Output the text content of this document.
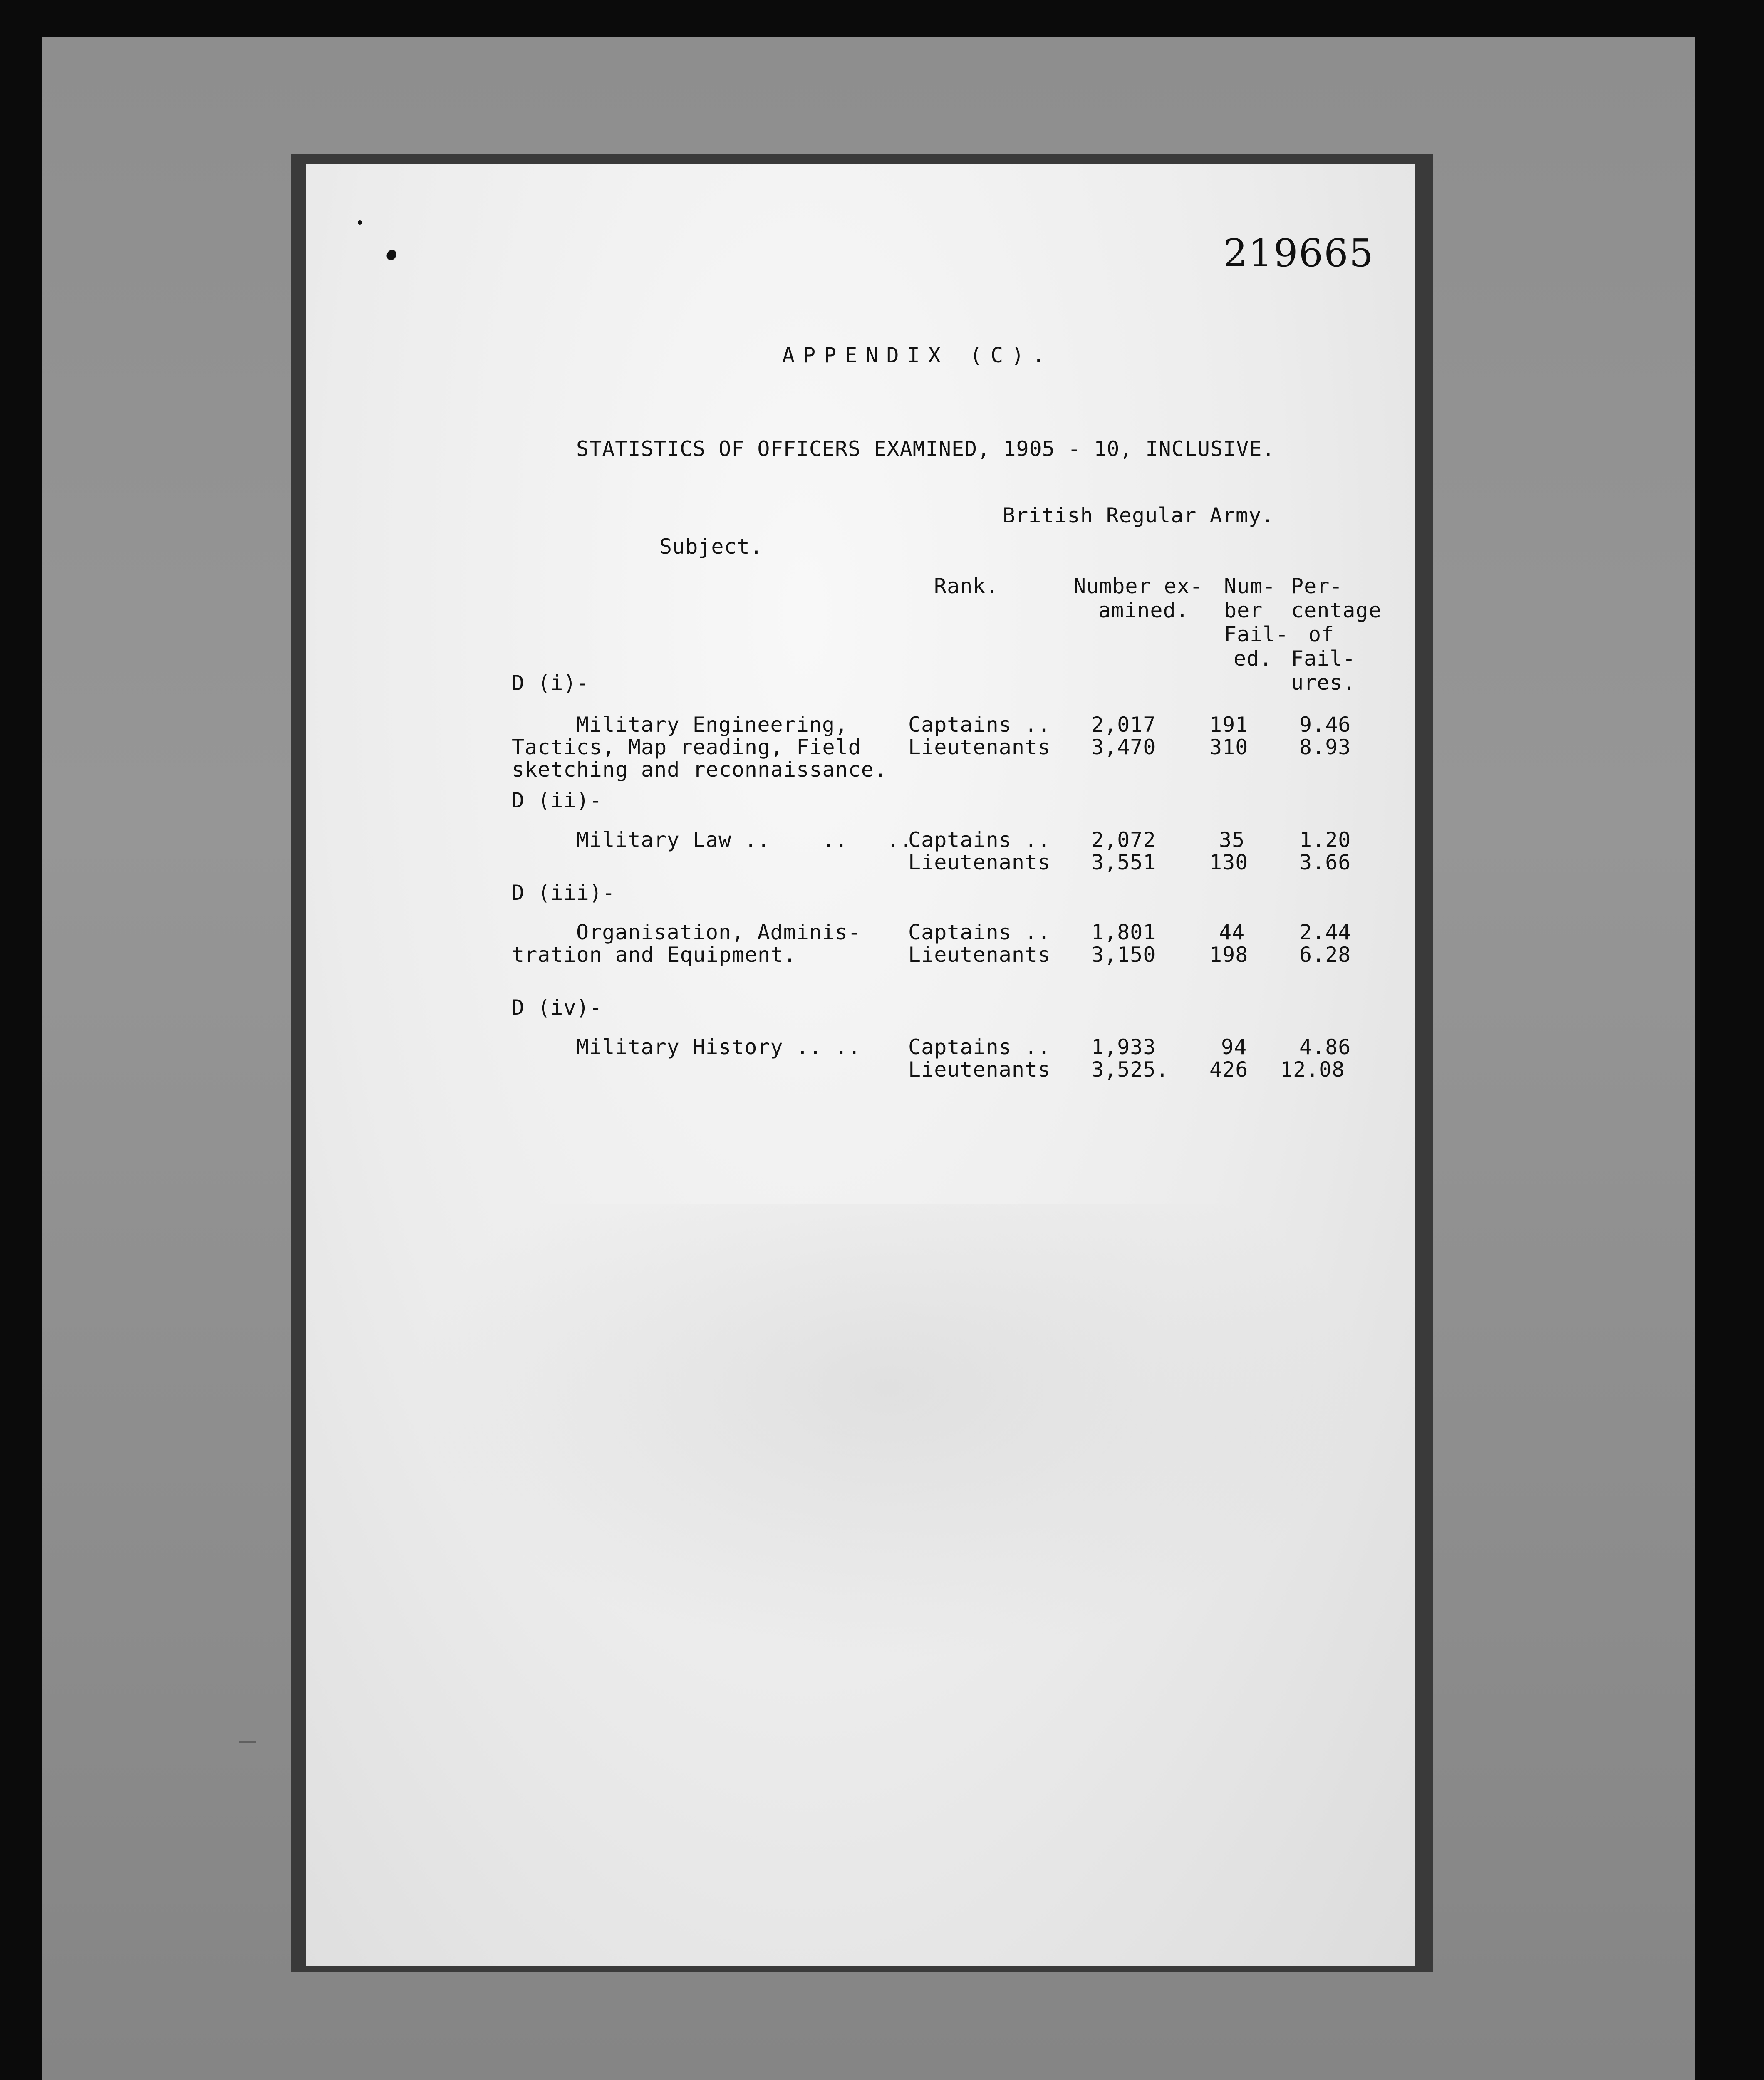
219665
APPENDIX (C).
STATISTICS OF OFFICERS EXAMINED, 1905 - 10, INCLUSIVE.
British Regular Army.
Subject.
Rank.	Number ex-
amined.
Num-
ber
Fail-
ed.
Per-
centage
of
Fail-
ures.
D (i)-
Military Engineering,
Tactics, Map reading, Field
sketching and reconnaissance.
Captains ..
Lieutenants
2,017
3,470
191
310
9.46
8.93
D (ii)-
Military Law ..    ..   ..
Captains ..
Lieutenants
2,072
3,551
35
130
1.20
3.66
D (iii)-
Organisation, Adminis-
tration and Equipment.
Captains ..
Lieutenants
1,801
3,150
44
198
2.44
6.28
D (iv)-
Military History .. .. Captains ..
Lieutenants
1,933
3,525.
94
426
4.86
12.08
